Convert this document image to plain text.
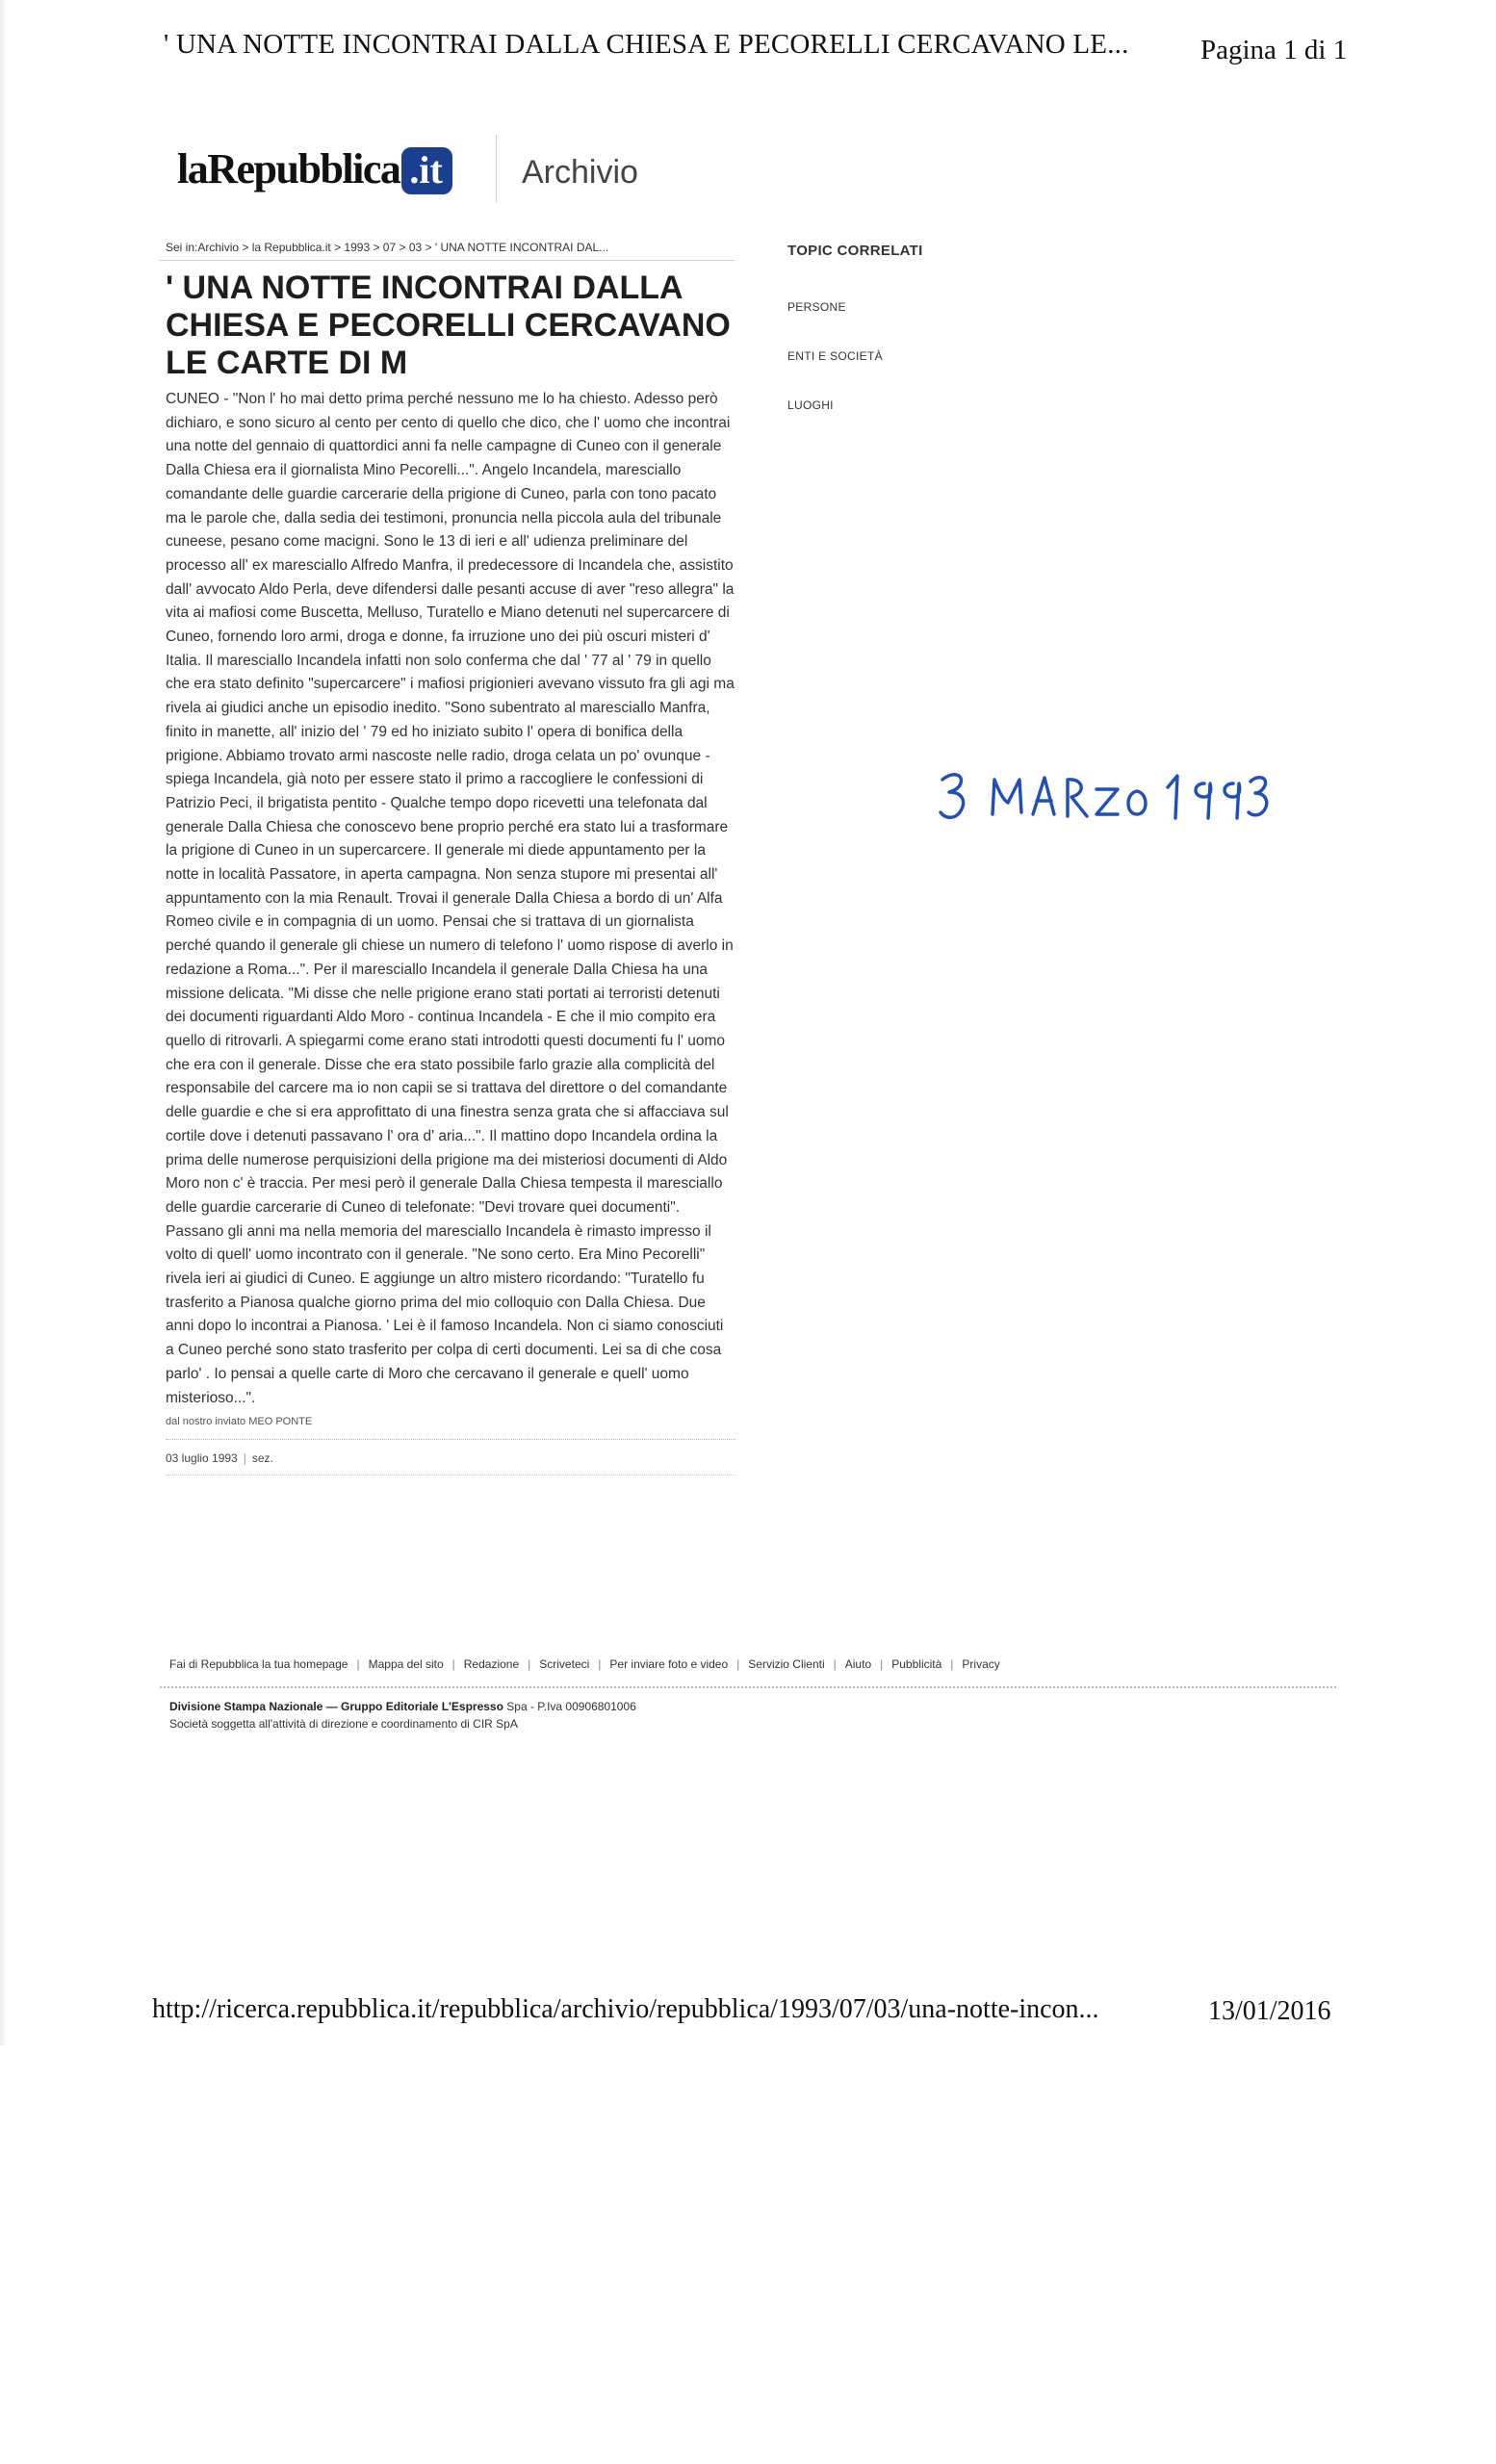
' UNA NOTTE INCONTRAI DALLA CHIESA E PECORELLI CERCAVANO LE...	Pagina 1 di 1
laRepubblica .it Archivio
Sei in:Archivio > la Repubblica.it > 1993 > 07 > 03 > ' UNA NOTTE INCONTRAI DAL...
' UNA NOTTE INCONTRAI DALLA CHIESA E PECORELLI CERCAVANO LE CARTE DI M

CUNEO - "Non l' ho mai detto prima perché nessuno me lo ha chiesto. Adesso però dichiaro, e sono sicuro al cento per cento di quello che dico, che l' uomo che incontrai una notte del gennaio di quattordici anni fa nelle campagne di Cuneo con il generale Dalla Chiesa era il giornalista Mino Pecorelli...". Angelo Incandela, maresciallo comandante delle guardie carcerarie della prigione di Cuneo, parla con tono pacato ma le parole che, dalla sedia dei testimoni, pronuncia nella piccola aula del tribunale cuneese, pesano come macigni. Sono le 13 di ieri e all' udienza preliminare del processo all' ex maresciallo Alfredo Manfra, il predecessore di Incandela che, assistito dall' avvocato Aldo Perla, deve difendersi dalle pesanti accuse di aver "reso allegra" la vita ai mafiosi come Buscetta, Melluso, Turatello e Miano detenuti nel supercarcere di Cuneo, fornendo loro armi, droga e donne, fa irruzione uno dei più oscuri misteri d' Italia. Il maresciallo Incandela infatti non solo conferma che dal ' 77 al ' 79 in quello che era stato definito "supercarcere" i mafiosi prigionieri avevano vissuto fra gli agi ma rivela ai giudici anche un episodio inedito. "Sono subentrato al maresciallo Manfra, finito in manette, all' inizio del ' 79 ed ho iniziato subito l' opera di bonifica della prigione. Abbiamo trovato armi nascoste nelle radio, droga celata un po' ovunque - spiega Incandela, già noto per essere stato il primo a raccogliere le confessioni di Patrizio Peci, il brigatista pentito - Qualche tempo dopo ricevetti una telefonata dal generale Dalla Chiesa che conoscevo bene proprio perché era stato lui a trasformare la prigione di Cuneo in un supercarcere. Il generale mi diede appuntamento per la notte in località Passatore, in aperta campagna. Non senza stupore mi presentai all' appuntamento con la mia Renault. Trovai il generale Dalla Chiesa a bordo di un' Alfa Romeo civile e in compagnia di un uomo. Pensai che si trattava di un giornalista perché quando il generale gli chiese un numero di telefono l' uomo rispose di averlo in redazione a Roma...". Per il maresciallo Incandela il generale Dalla Chiesa ha una missione delicata. "Mi disse che nelle prigione erano stati portati ai terroristi detenuti dei documenti riguardanti Aldo Moro - continua Incandela - E che il mio compito era quello di ritrovarli. A spiegarmi come erano stati introdotti questi documenti fu l' uomo che era con il generale. Disse che era stato possibile farlo grazie alla complicità del responsabile del carcere ma io non capii se si trattava del direttore o del comandante delle guardie e che si era approfittato di una finestra senza grata che si affacciava sul cortile dove i detenuti passavano l' ora d' aria...". Il mattino dopo Incandela ordina la prima delle numerose perquisizioni della prigione ma dei misteriosi documenti di Aldo Moro non c' è traccia. Per mesi però il generale Dalla Chiesa tempesta il maresciallo delle guardie carcerarie di Cuneo di telefonate: "Devi trovare quei documenti". Passano gli anni ma nella memoria del maresciallo Incandela è rimasto impresso il volto di quell' uomo incontrato con il generale. "Ne sono certo. Era Mino Pecorelli" rivela ieri ai giudici di Cuneo. E aggiunge un altro mistero ricordando: "Turatello fu trasferito a Pianosa qualche giorno prima del mio colloquio con Dalla Chiesa. Due anni dopo lo incontrai a Pianosa. ' Lei è il famoso Incandela. Non ci siamo conosciuti a Cuneo perché sono stato trasferito per colpa di certi documenti. Lei sa di che cosa parlo' . Io pensai a quelle carte di Moro che cercavano il generale e quell' uomo misterioso...".

dal nostro inviato MEO PONTE
03 luglio 1993 | sez.
TOPIC CORRELATI
PERSONE
ENTI E SOCIETÀ
LUOGHI
Fai di Repubblica la tua homepage | Mappa del sito | Redazione | Scriveteci | Per inviare foto e video | Servizio Clienti | Aiuto | Pubblicità | Privacy
Divisione Stampa Nazionale — Gruppo Editoriale L'Espresso Spa - P.Iva 00906801006
Società soggetta all'attività di direzione e coordinamento di CIR SpA
http://ricerca.repubblica.it/repubblica/archivio/repubblica/1993/07/03/una-notte-incon...	13/01/2016
